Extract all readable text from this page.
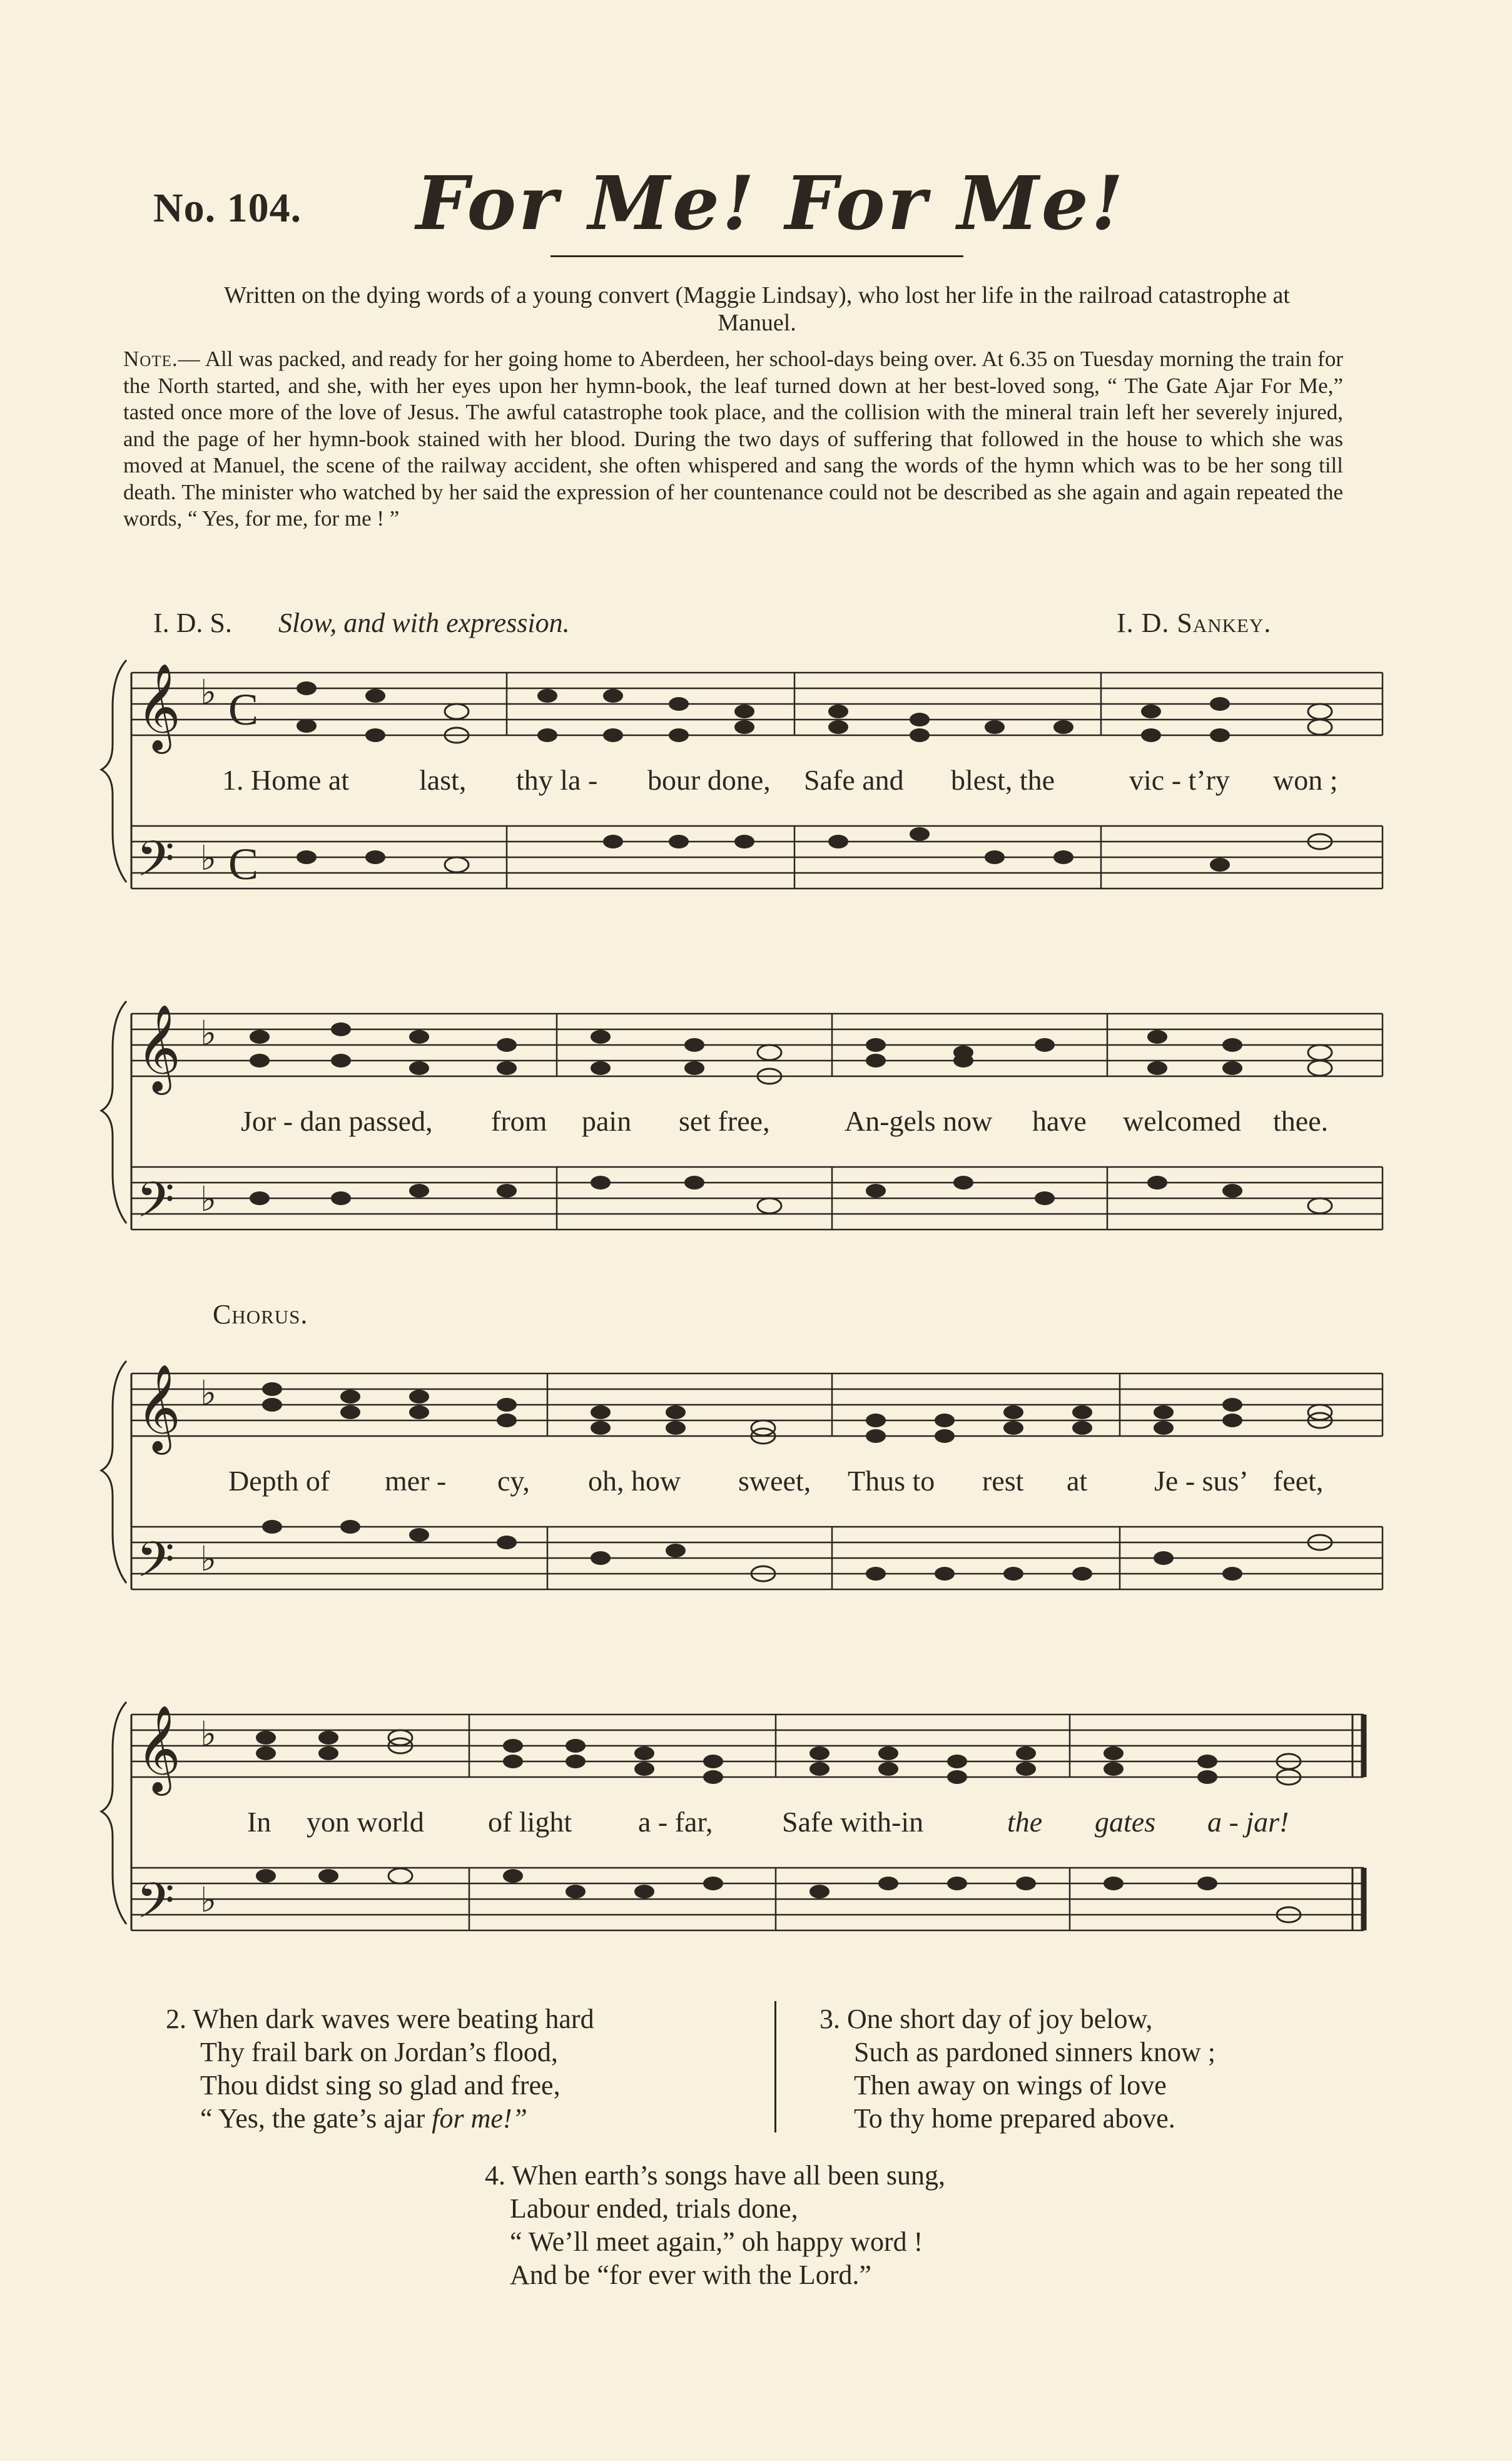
No. 104. For Me! For Me!
Written on the dying words of a young convert (Maggie Lindsay), who lost her life in the railroad catastrophe at Manuel.
Note.— All was packed, and ready for her going home to Aberdeen, her school-days being over. At 6.35 on Tuesday morning the train for the North started, and she, with her eyes upon her hymn-book, the leaf turned down at her best-loved song, “ The Gate Ajar For Me,” tasted once more of the love of Jesus. The awful catastrophe took place, and the collision with the mineral train left her severely injured, and the page of her hymn-book stained with her blood. During the two days of suffering that followed in the house to which she was moved at Manuel, the scene of the railway accident, she often whispered and sang the words of the hymn which was to be her song till death. The minister who watched by her said the expression of her countenance could not be described as she again and again repeated the words, “ Yes, for me, for me ! ”
I. D. S. Slow, and with expression.	I. D. Sankey.
𝄞
𝄢
♭
♭
C
C
1. Home at last, thy la - bour done, Safe and blest, the	vic - t’ry won ;
𝄞
𝄢
♭
♭
Jor - dan passed, from pain set free,	An-gels now have welcomed thee.
Chorus.
𝄞
𝄢
♭
♭
Depth of mer - cy, oh, how sweet, Thus to rest at Je - sus’ feet,
𝄞
𝄢
♭
♭
In yon world of light a - far, Safe with-in	the gates a - jar!
2. When dark waves were beating hard
Thy frail bark on Jordan’s flood,
Thou didst sing so glad and free,
“ Yes, the gate’s ajar for me!”
3. One short day of joy below,
Such as pardoned sinners know ;
Then away on wings of love
To thy home prepared above.
4. When earth’s songs have all been sung,
Labour ended, trials done,
“ We’ll meet again,” oh happy word !
And be “for ever with the Lord.”
